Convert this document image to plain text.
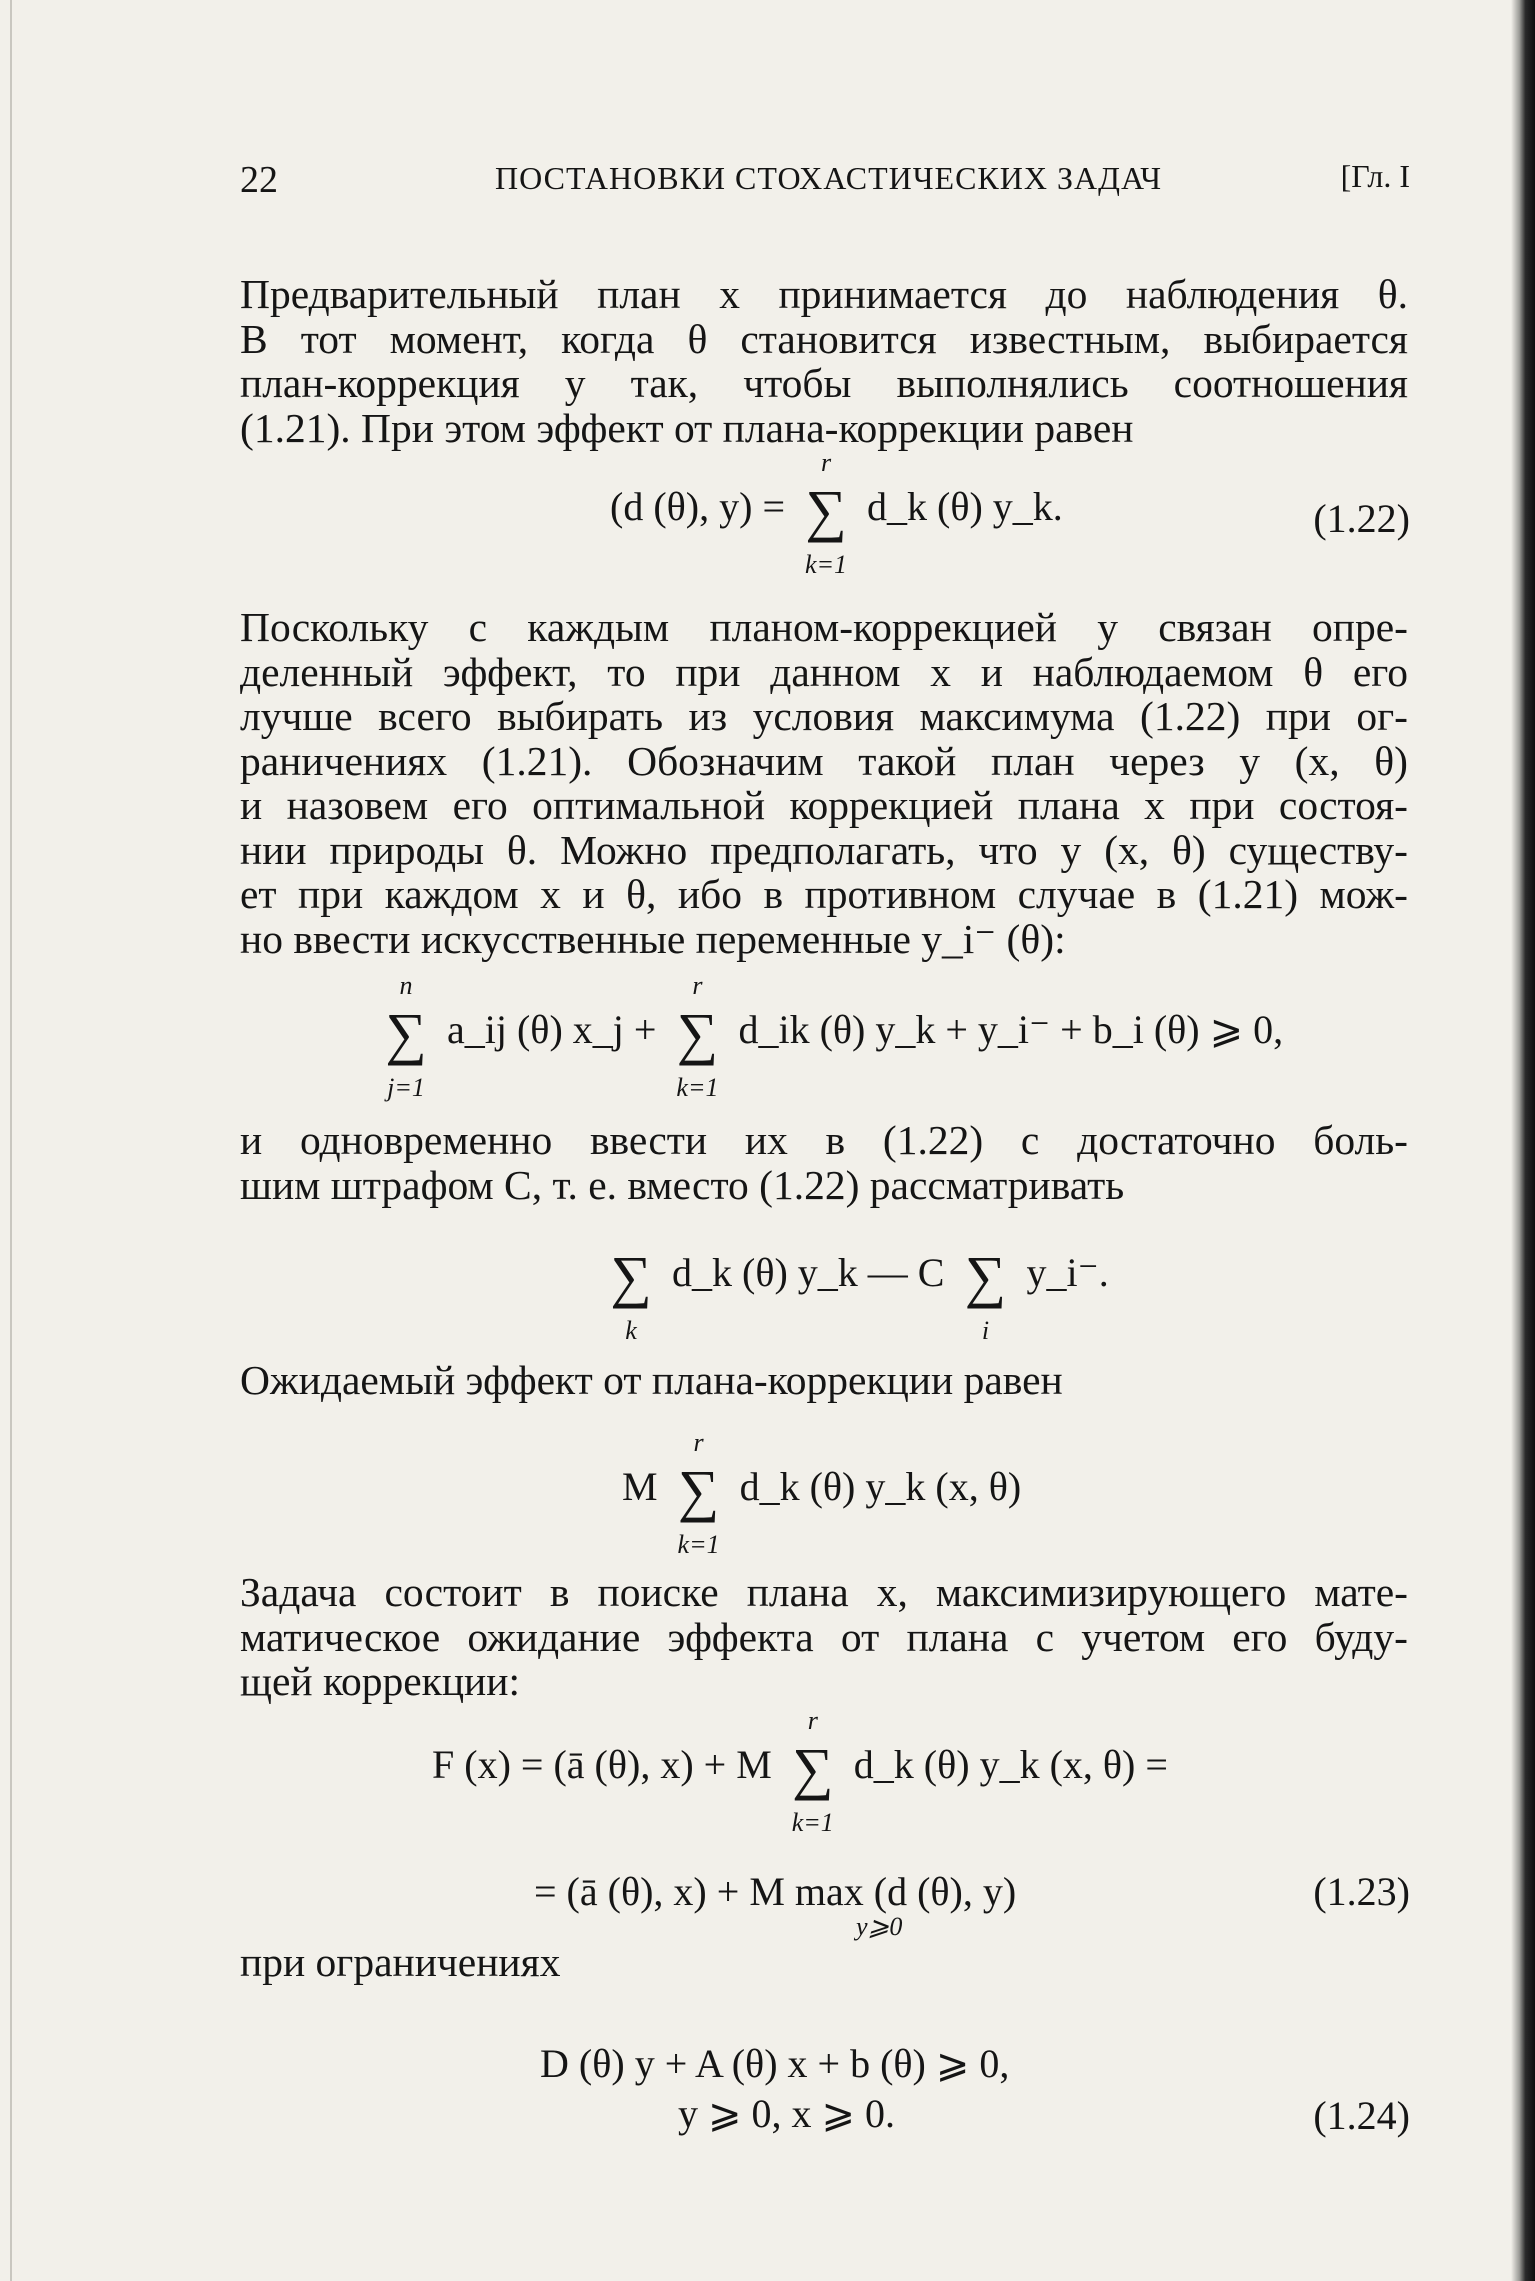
22	ПОСТАНОВКИ СТОХАСТИЧЕСКИХ ЗАДАЧ	[Гл. I
Предварительный план x принимается до наблюдения θ.
В тот момент, когда θ становится известным, выбирается
план-коррекция y так, чтобы выполнялись соотношения
(1.21). При этом эффект от плана-коррекции равен
(d (θ), y) =
r
∑
k=1
d_k (θ) y_k.	(1.22)
Поскольку с каждым планом-коррекцией y связан опре-
деленный эффект, то при данном x и наблюдаемом θ его
лучше всего выбирать из условия максимума (1.22) при ог-
раничениях (1.21). Обозначим такой план через y (x, θ)
и назовем его оптимальной коррекцией плана x при состоя-
нии природы θ. Можно предполагать, что y (x, θ) существу-
ет при каждом x и θ, ибо в противном случае в (1.21) мож-
но ввести искусственные переменные y_i⁻ (θ):
n
∑
j=1
a_ij (θ) x_j +
r
∑
k=1
d_ik (θ) y_k + y_i⁻ + b_i (θ) ⩾ 0,
и одновременно ввести их в (1.22) с достаточно боль-
шим штрафом C, т. е. вместо (1.22) рассматривать
∑
k
d_k (θ) y_k — C ∑
i
y_i⁻.
Ожидаемый эффект от плана-коррекции равен
M
r
∑
k=1
d_k (θ) y_k (x, θ)
Задача состоит в поиске плана x, максимизирующего мате-
матическое ожидание эффекта от плана с учетом его буду-
щей коррекции:
F (x) = (ā (θ), x) + M
r
∑
k=1
d_k (θ) y_k (x, θ) =
= (ā (θ), x) + M max (d (θ), y)
y⩾0
(1.23)
при ограничениях
D (θ) y + A (θ) x + b (θ) ⩾ 0,
y ⩾ 0, x ⩾ 0.	(1.24)
